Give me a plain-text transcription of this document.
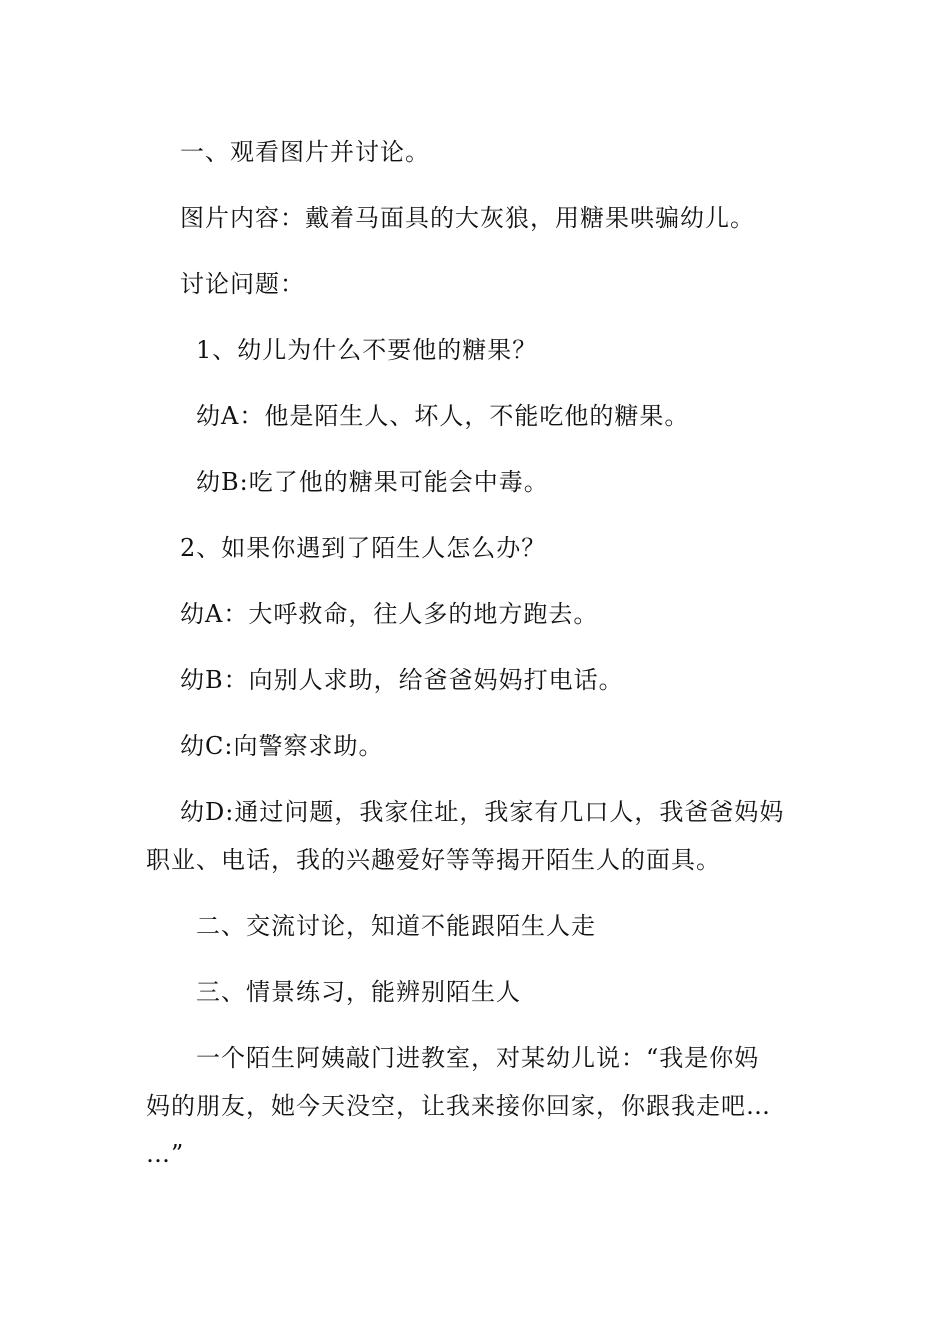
一、观看图片并讨论。
图片内容：戴着马面具的大灰狼，用糖果哄骗幼儿。
讨论问题：
1、幼儿为什么不要他的糖果？
幼A：他是陌生人、坏人，不能吃他的糖果。
幼B:吃了他的糖果可能会中毒。
2、如果你遇到了陌生人怎么办？
幼A：大呼救命，往人多的地方跑去。
幼B：向别人求助，给爸爸妈妈打电话。
幼C:向警察求助。
幼D:通过问题，我家住址，我家有几口人，我爸爸妈妈
职业、电话，我的兴趣爱好等等揭开陌生人的面具。
二、交流讨论，知道不能跟陌生人走
三、情景练习，能辨别陌生人
一个陌生阿姨敲门进教室，对某幼儿说：“我是你妈
妈的朋友，她今天没空，让我来接你回家，你跟我走吧…
…”
